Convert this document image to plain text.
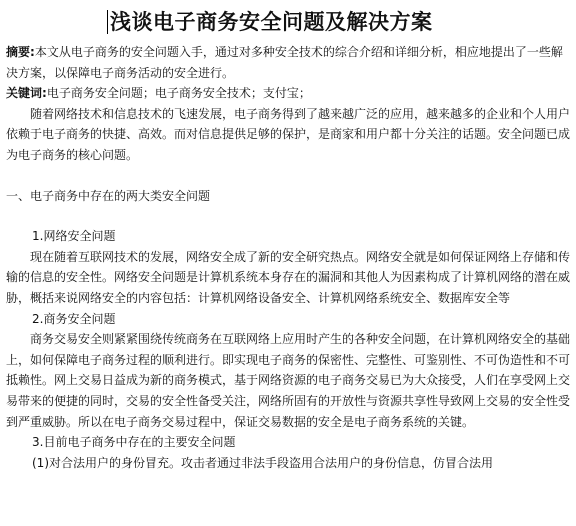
浅谈电子商务安全问题及解决方案

摘要:本文从电子商务的安全问题入手，通过对多种安全技术的综合介绍和详细分析，相应地提出了一些解决方案，以保障电子商务活动的安全进行。

关键词:电子商务安全问题；电子商务安全技术；支付宝；

随着网络技术和信息技术的飞速发展，电子商务得到了越来越广泛的应用，越来越多的企业和个人用户依赖于电子商务的快捷、高效。而对信息提供足够的保护，是商家和用户都十分关注的话题。安全问题已成为电子商务的核心问题。

一、电子商务中存在的两大类安全问题

1.网络安全问题

现在随着互联网技术的发展，网络安全成了新的安全研究热点。网络安全就是如何保证网络上存储和传输的信息的安全性。网络安全问题是计算机系统本身存在的漏洞和其他人为因素构成了计算机网络的潜在威胁，概括来说网络安全的内容包括：计算机网络设备安全、计算机网络系统安全、数据库安全等

2.商务安全问题

商务交易安全则紧紧围绕传统商务在互联网络上应用时产生的各种安全问题，在计算机网络安全的基础上，如何保障电子商务过程的顺利进行。即实现电子商务的保密性、完整性、可鉴别性、不可伪造性和不可抵赖性。网上交易日益成为新的商务模式，基于网络资源的电子商务交易已为大众接受，人们在享受网上交易带来的便捷的同时，交易的安全性备受关注，网络所固有的开放性与资源共享性导致网上交易的安全性受到严重威胁。所以在电子商务交易过程中，保证交易数据的安全是电子商务系统的关键。

3.目前电子商务中存在的主要安全问题

(1)对合法用户的身份冒充。攻击者通过非法手段盗用合法用户的身份信息，仿冒合法用
